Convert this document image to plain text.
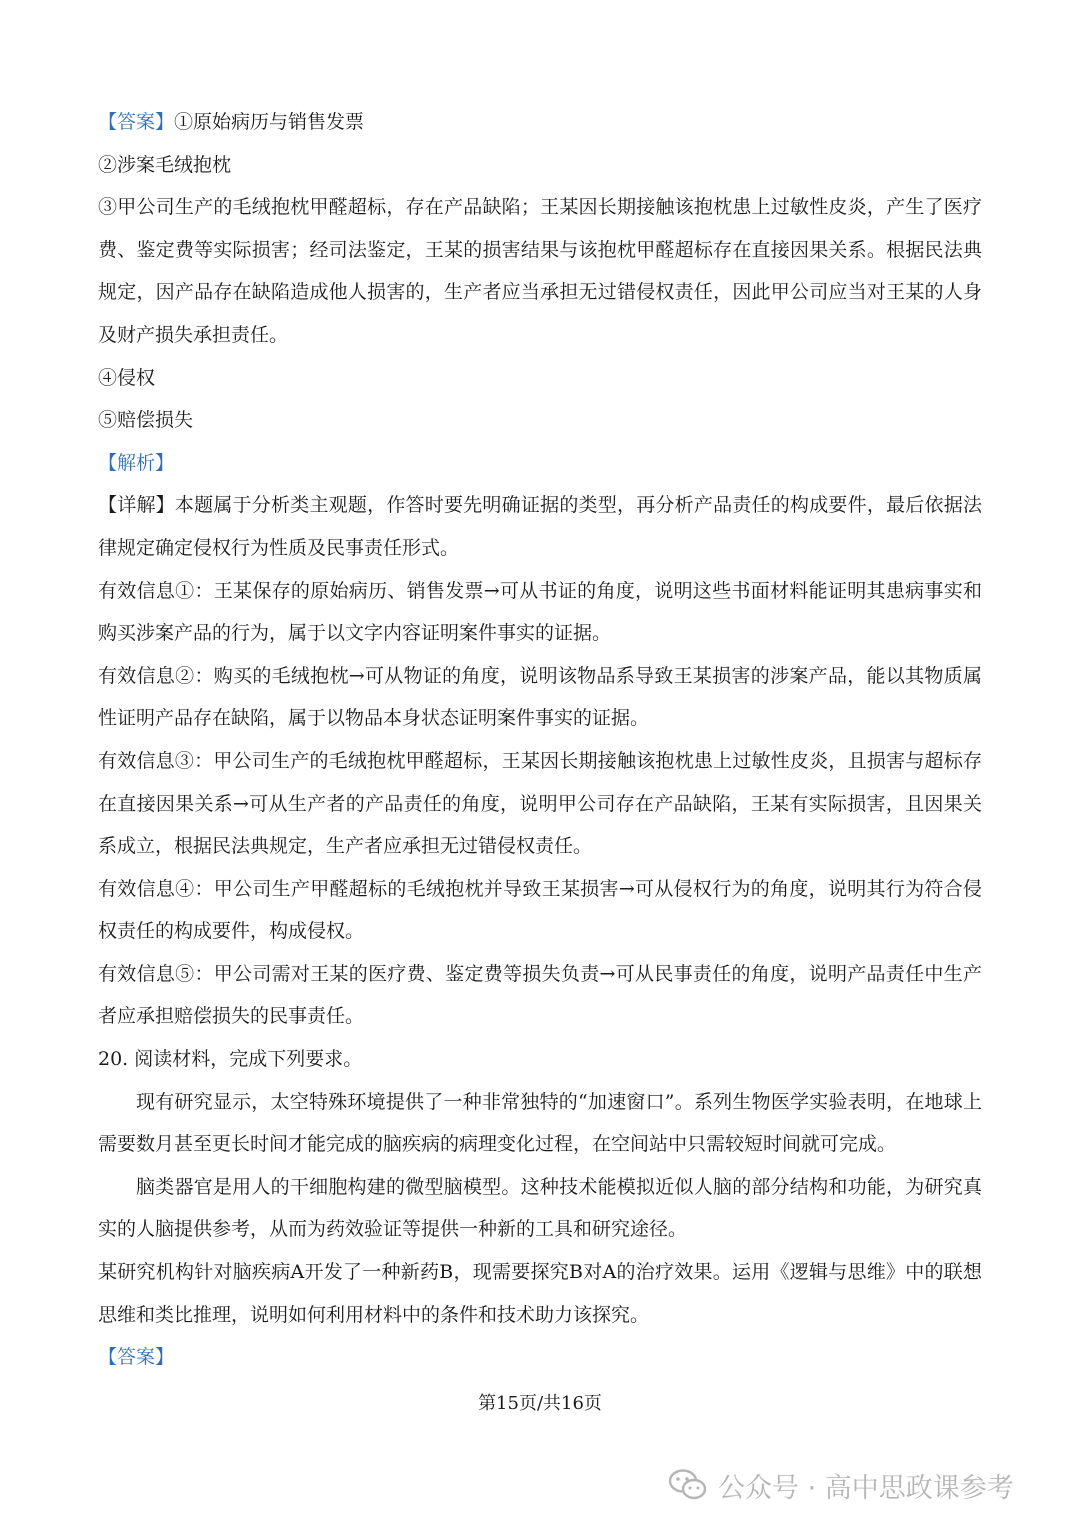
【答案】①原始病历与销售发票
②涉案毛绒抱枕
③甲公司生产的毛绒抱枕甲醛超标，存在产品缺陷；王某因长期接触该抱枕患上过敏性皮炎，产生了医疗费、鉴定费等实际损害；经司法鉴定，王某的损害结果与该抱枕甲醛超标存在直接因果关系。根据民法典规定，因产品存在缺陷造成他人损害的，生产者应当承担无过错侵权责任，因此甲公司应当对王某的人身及财产损失承担责任。
④侵权
⑤赔偿损失
【解析】
【详解】本题属于分析类主观题，作答时要先明确证据的类型，再分析产品责任的构成要件，最后依据法律规定确定侵权行为性质及民事责任形式。
有效信息①：王某保存的原始病历、销售发票→可从书证的角度，说明这些书面材料能证明其患病事实和购买涉案产品的行为，属于以文字内容证明案件事实的证据。
有效信息②：购买的毛绒抱枕→可从物证的角度，说明该物品系导致王某损害的涉案产品，能以其物质属性证明产品存在缺陷，属于以物品本身状态证明案件事实的证据。
有效信息③：甲公司生产的毛绒抱枕甲醛超标，王某因长期接触该抱枕患上过敏性皮炎，且损害与超标存在直接因果关系→可从生产者的产品责任的角度，说明甲公司存在产品缺陷，王某有实际损害，且因果关系成立，根据民法典规定，生产者应承担无过错侵权责任。
有效信息④：甲公司生产甲醛超标的毛绒抱枕并导致王某损害→可从侵权行为的角度，说明其行为符合侵权责任的构成要件，构成侵权。
有效信息⑤：甲公司需对王某的医疗费、鉴定费等损失负责→可从民事责任的角度，说明产品责任中生产者应承担赔偿损失的民事责任。
20. 阅读材料，完成下列要求。
现有研究显示，太空特殊环境提供了一种非常独特的“加速窗口”。系列生物医学实验表明，在地球上需要数月甚至更长时间才能完成的脑疾病的病理变化过程，在空间站中只需较短时间就可完成。
脑类器官是用人的干细胞构建的微型脑模型。这种技术能模拟近似人脑的部分结构和功能，为研究真实的人脑提供参考，从而为药效验证等提供一种新的工具和研究途径。
某研究机构针对脑疾病A开发了一种新药B，现需要探究B对A的治疗效果。运用《逻辑与思维》中的联想思维和类比推理，说明如何利用材料中的条件和技术助力该探究。
【答案】
第15页/共16页
公众号 · 高中思政课参考
